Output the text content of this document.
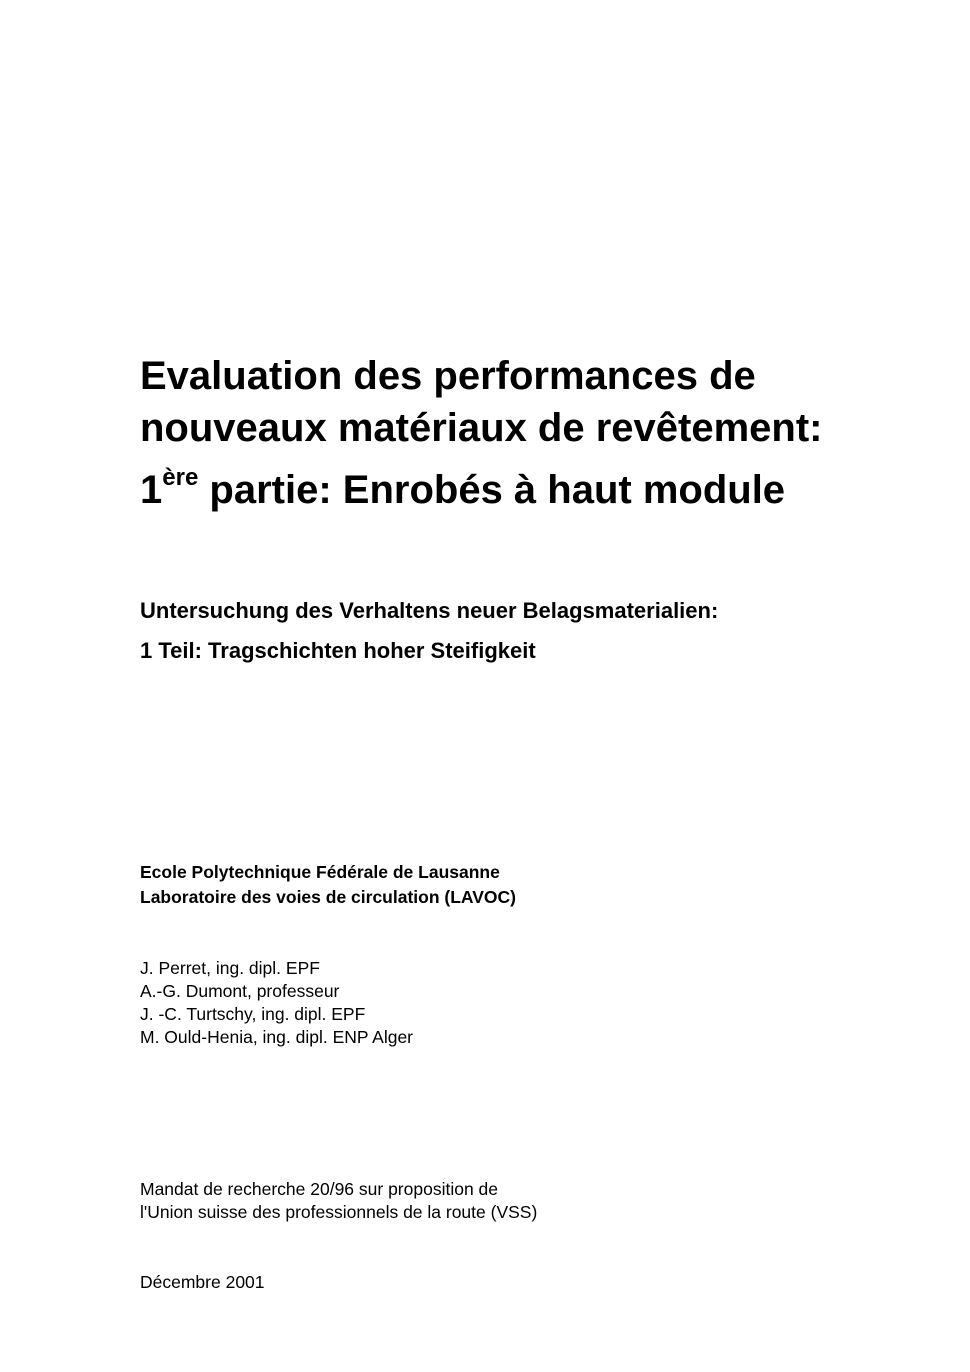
Evaluation des performances de
nouveaux matériaux de revêtement:
1ère partie: Enrobés à haut module
Untersuchung des Verhaltens neuer Belagsmaterialien:
1 Teil: Tragschichten hoher Steifigkeit
Ecole Polytechnique Fédérale de Lausanne
Laboratoire des voies de circulation (LAVOC)
J. Perret, ing. dipl. EPF
A.-G. Dumont, professeur
J. -C. Turtschy, ing. dipl. EPF
M. Ould-Henia, ing. dipl. ENP Alger
Mandat de recherche 20/96 sur proposition de
l'Union suisse des professionnels de la route (VSS)
Décembre 2001
